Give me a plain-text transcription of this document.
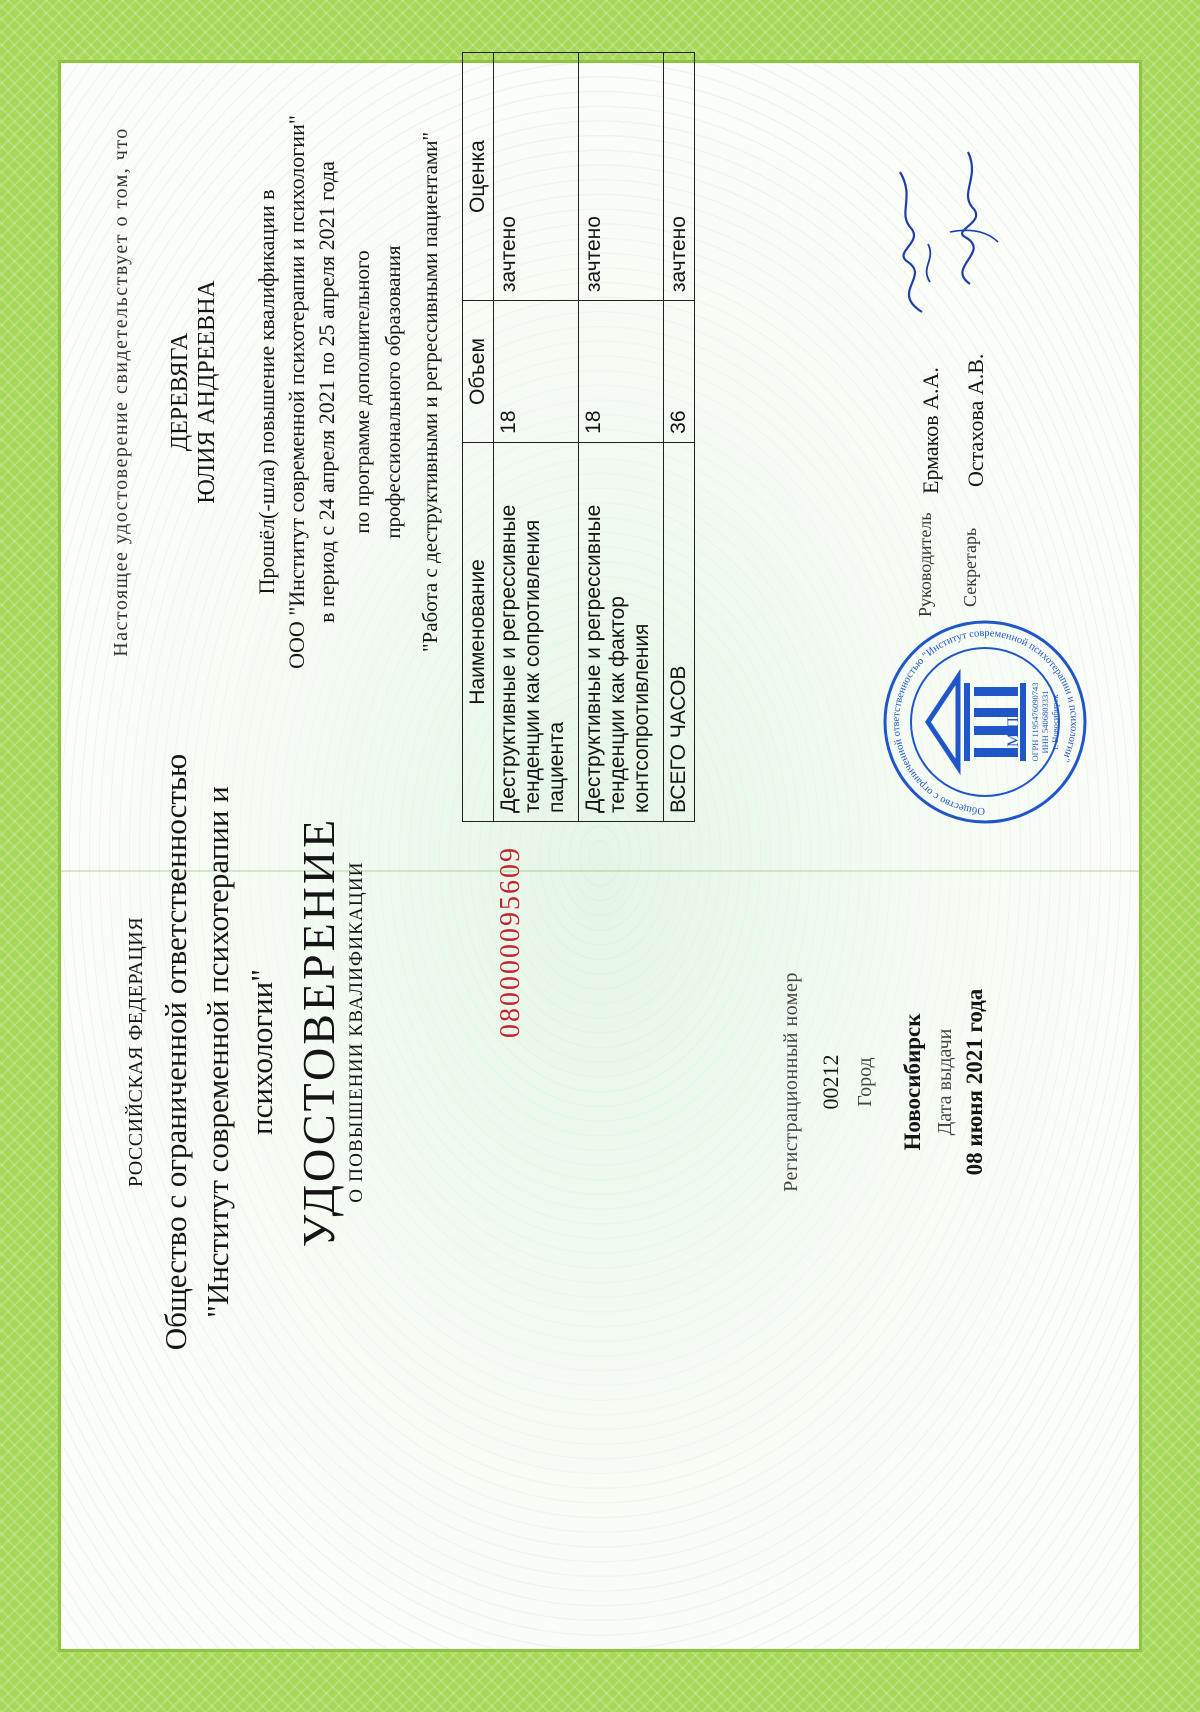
РОССИЙСКАЯ ФЕДЕРАЦИЯ Общество с ограниченной ответственностью "Институт современной психотерапии и психологии" УДОСТОВЕРЕНИЕ О ПОВЫШЕНИИ КВАЛИФИКАЦИИ	080000095609
Регистрационный номер 00212 Город Новосибирск Дата выдачи 08 июня 2021 года
Настоящее удостоверение свидетельствует о том, что ДЕРЕВЯГА ЮЛИЯ АНДРЕЕВНА Прошёл(-шла) повышение квалификации в ООО "Институт современной психотерапии и психологии" в период с 24 апреля 2021 по 25 апреля 2021 года по программе дополнительного профессионального образования "Работа с деструктивными и регрессивными пациентами" Наименование	Объем	Оценка
Деструктивные и регрессивные тенденции как сопротивления пациента	18	зачтено
Деструктивные и регрессивные тенденции как фактор контсопротивления	18	зачтено
ВСЕГО ЧАСОВ	36	зачтено
Общество с ограниченной ответственностью "Институт современной психотерапии и психологии"
ОГРН 1195476090743 ИНН 5406803331 г. Новосибирск
М.П.
Руководитель
Ермаков А.А.
Секретарь
Остахова А.В.
